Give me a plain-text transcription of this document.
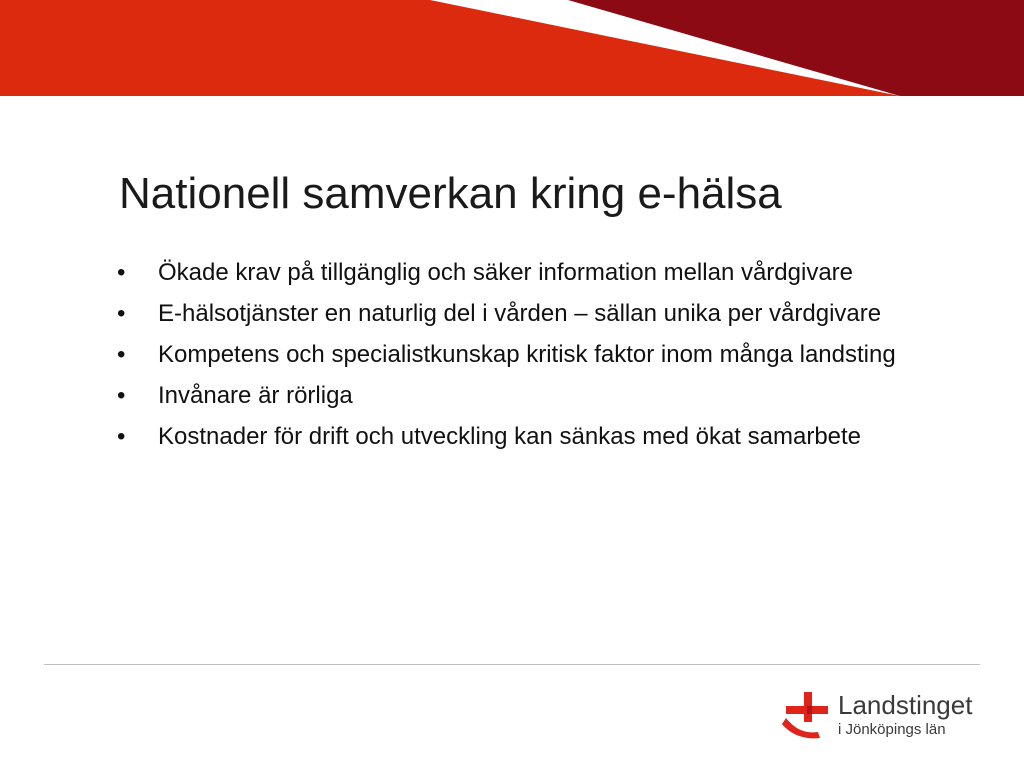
Nationell samverkan kring e-hälsa
• Ökade krav på tillgänglig och säker information mellan vårdgivare
• E-hälsotjänster en naturlig del i vården – sällan unika per vårdgivare
• Kompetens och specialistkunskap kritisk faktor inom många landsting
• Invånare är rörliga
• Kostnader för drift och utveckling kan sänkas med ökat samarbete
Landstinget
i Jönköpings län
